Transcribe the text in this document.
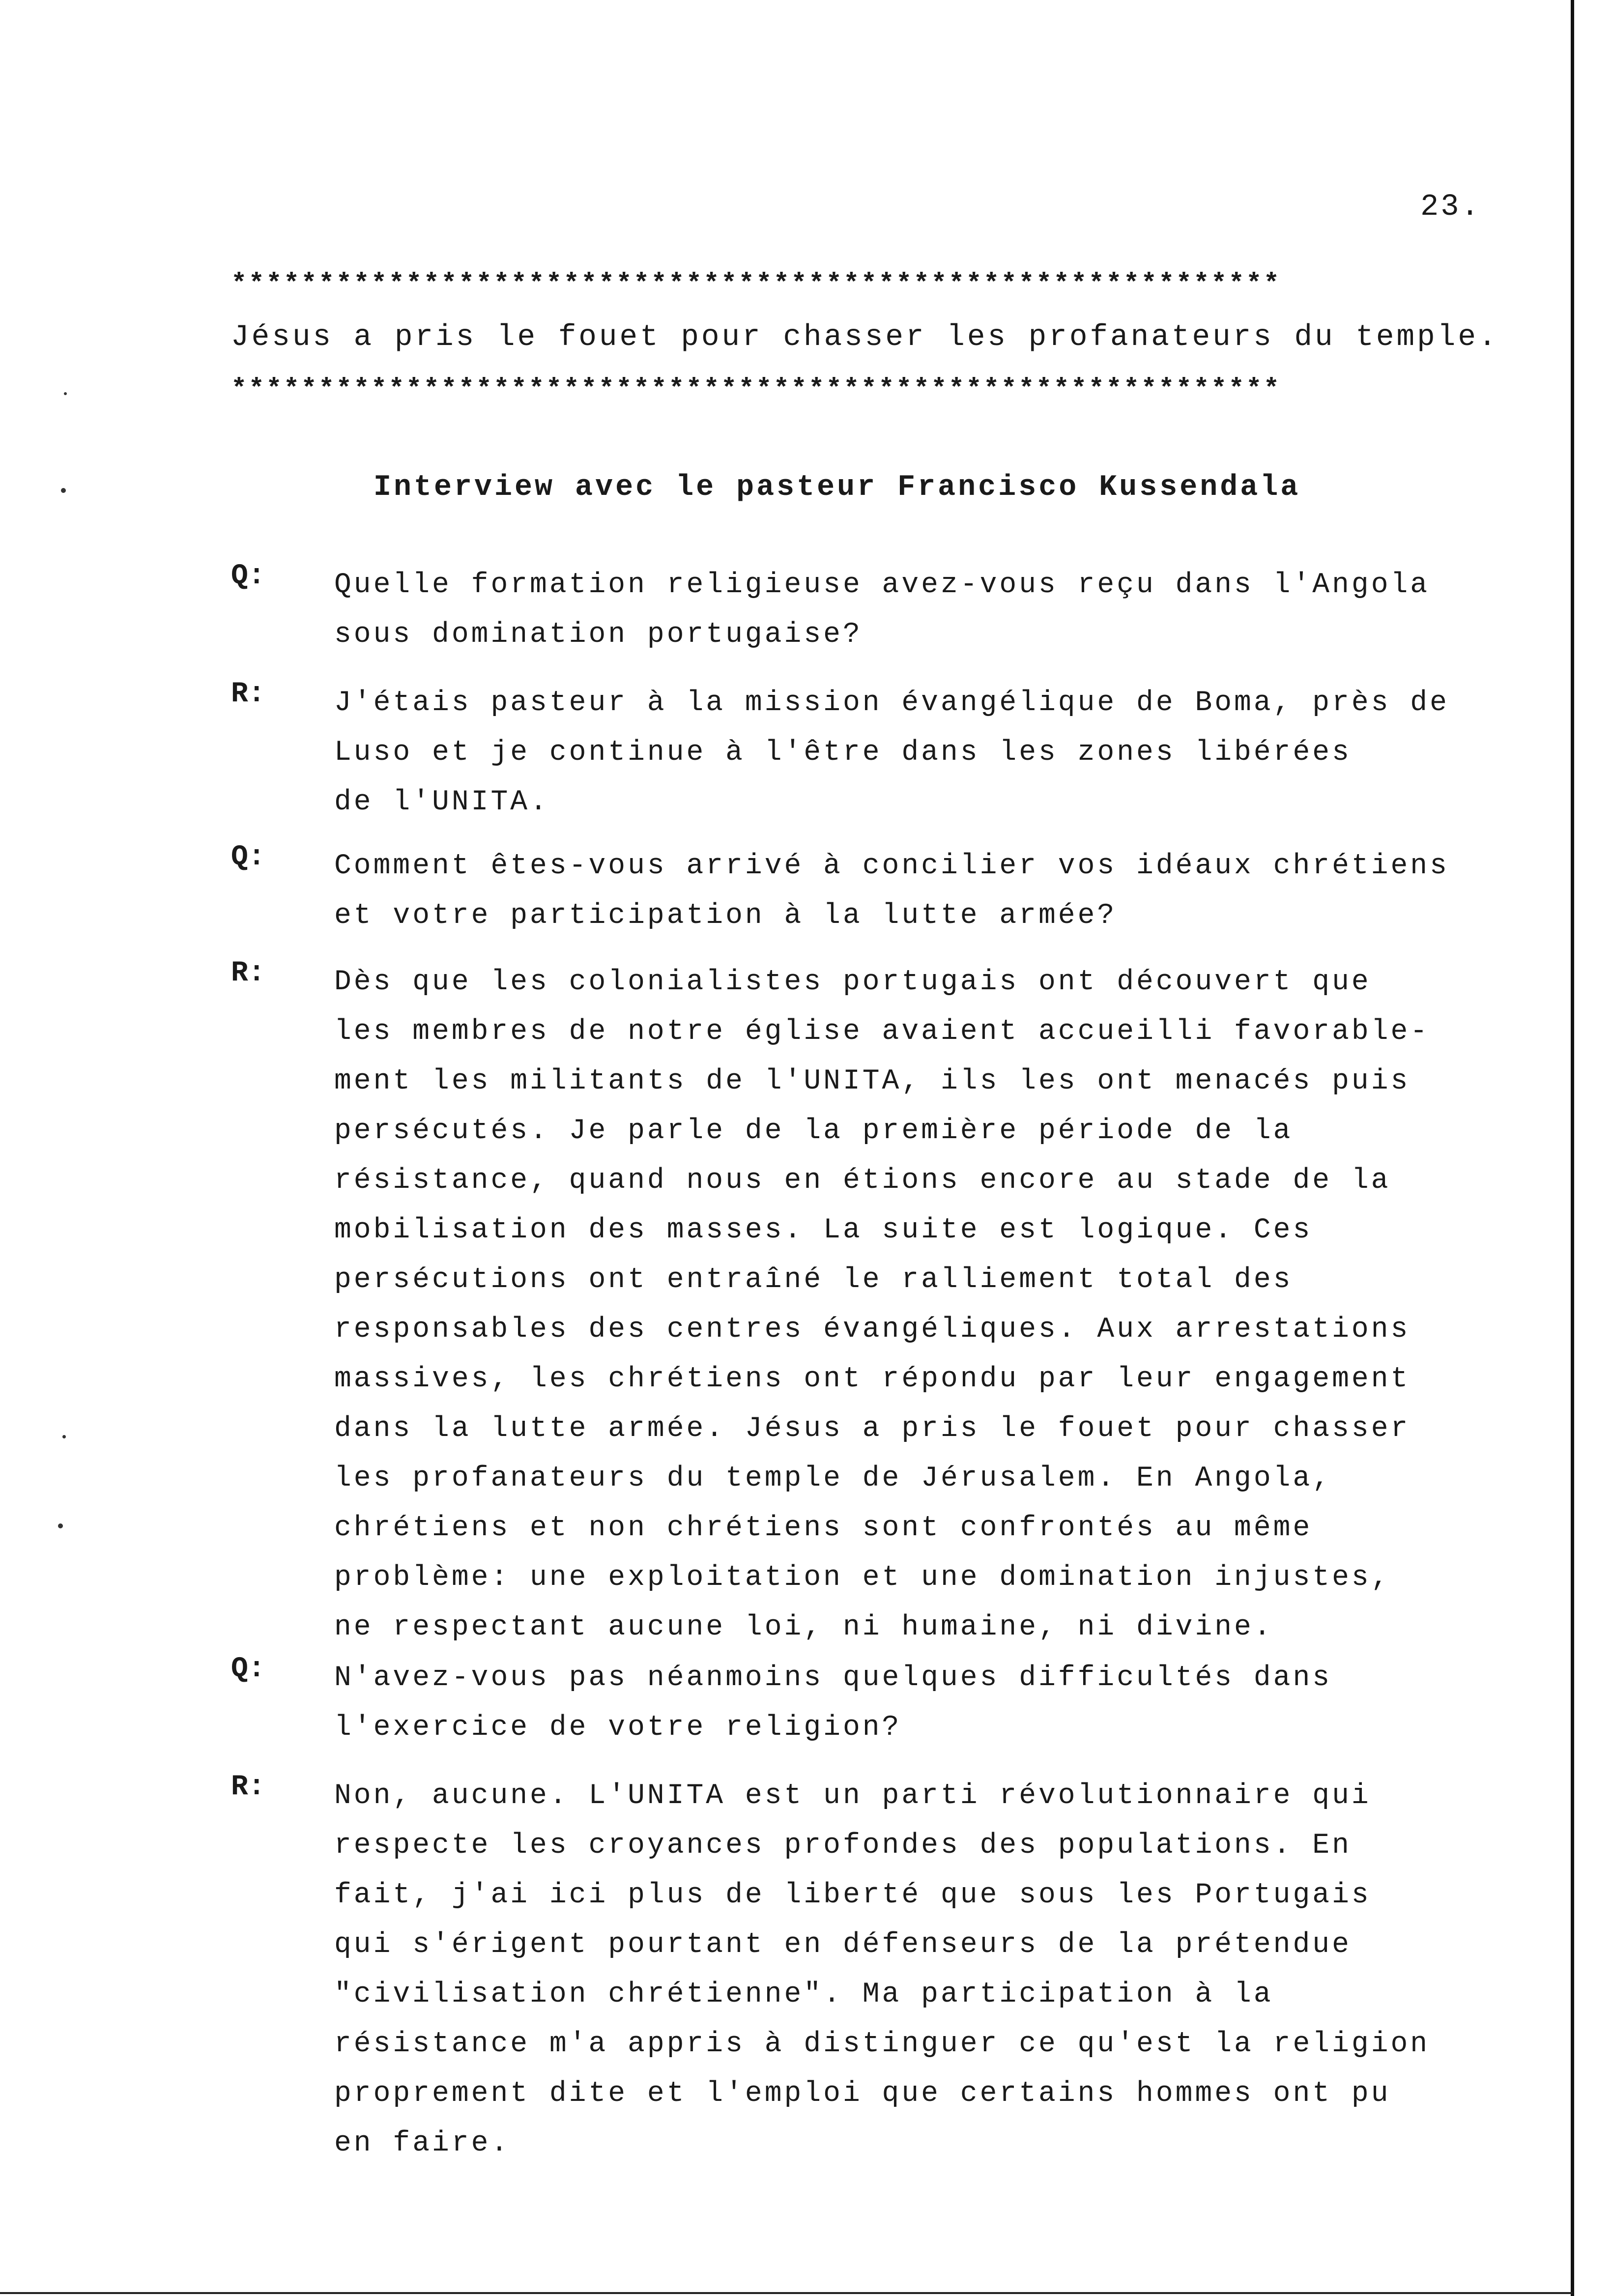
23.
************************************************************
Jésus a pris le fouet pour chasser les profanateurs du temple.
************************************************************
Interview avec le pasteur Francisco Kussendala
Q: Quelle formation religieuse avez-vous reçu dans l'Angola
sous domination portugaise?
R: J'étais pasteur à la mission évangélique de Boma, près de
Luso et je continue à l'être dans les zones libérées
de l'UNITA.
Q: Comment êtes-vous arrivé à concilier vos idéaux chrétiens
et votre participation à la lutte armée?
R: Dès que les colonialistes portugais ont découvert que
les membres de notre église avaient accueilli favorable-
ment les militants de l'UNITA, ils les ont menacés puis
persécutés. Je parle de la première période de la
résistance, quand nous en étions encore au stade de la
mobilisation des masses. La suite est logique. Ces
persécutions ont entraîné le ralliement total des
responsables des centres évangéliques. Aux arrestations
massives, les chrétiens ont répondu par leur engagement
dans la lutte armée. Jésus a pris le fouet pour chasser
les profanateurs du temple de Jérusalem. En Angola,
chrétiens et non chrétiens sont confrontés au même
problème: une exploitation et une domination injustes,
ne respectant aucune loi, ni humaine, ni divine.
Q: N'avez-vous pas néanmoins quelques difficultés dans
l'exercice de votre religion?
R: Non, aucune. L'UNITA est un parti révolutionnaire qui
respecte les croyances profondes des populations. En
fait, j'ai ici plus de liberté que sous les Portugais
qui s'érigent pourtant en défenseurs de la prétendue
"civilisation chrétienne". Ma participation à la
résistance m'a appris à distinguer ce qu'est la religion
proprement dite et l'emploi que certains hommes ont pu
en faire.
